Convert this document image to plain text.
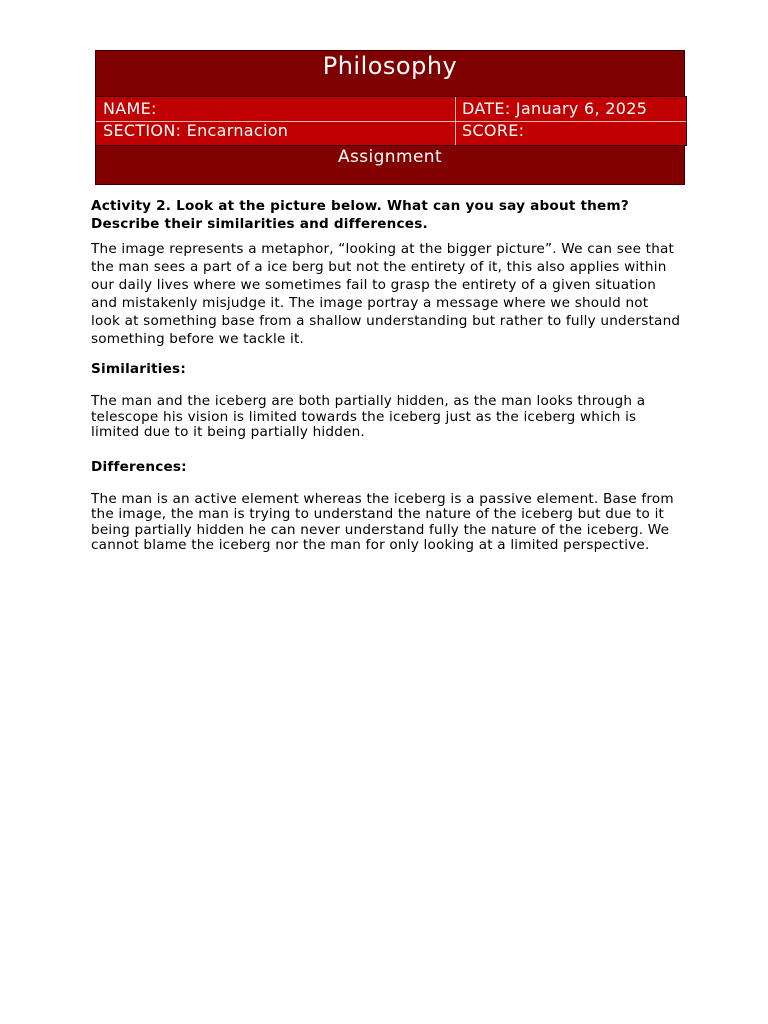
Philosophy
NAME:	DATE: January 6, 2025
SECTION: Encarnacion	SCORE:
Assignment

Activity 2. Look at the picture below. What can you say about them? Describe their similarities and differences.

The image represents a metaphor, “looking at the bigger picture”. We can see that the man sees a part of a ice berg but not the entirety of it, this also applies within our daily lives where we sometimes fail to grasp the entirety of a given situation and mistakenly misjudge it. The image portray a message where we should not look at something base from a shallow understanding but rather to fully understand something before we tackle it.

Similarities:

The man and the iceberg are both partially hidden, as the man looks through a telescope his vision is limited towards the iceberg just as the iceberg which is limited due to it being partially hidden.

Differences:

The man is an active element whereas the iceberg is a passive element. Base from the image, the man is trying to understand the nature of the iceberg but due to it being partially hidden he can never understand fully the nature of the iceberg. We cannot blame the iceberg nor the man for only looking at a limited perspective.
